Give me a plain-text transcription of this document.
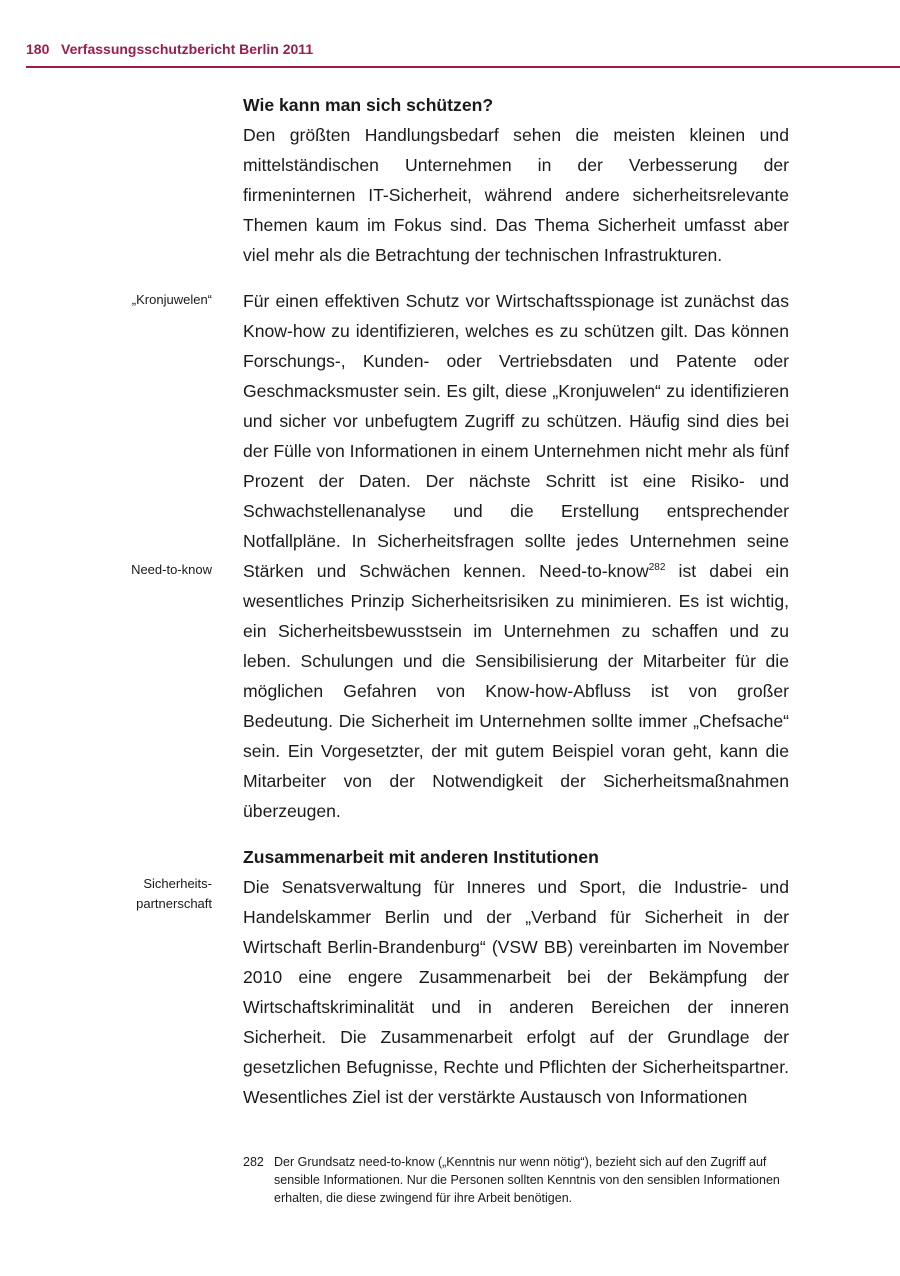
180 Verfassungsschutzbericht Berlin 2011
„Kronjuwelen“
Need-to-know
Sicherheits-
partnerschaft
Wie kann man sich schützen?

Den größten Handlungsbedarf sehen die meisten kleinen und mittelständischen Unternehmen in der Verbesserung der firmeninternen IT-Sicherheit, während andere sicherheitsrelevante Themen kaum im Fokus sind. Das Thema Sicherheit umfasst aber viel mehr als die Betrachtung der technischen Infrastrukturen.

Für einen effektiven Schutz vor Wirtschaftsspionage ist zunächst das Know-how zu identifizieren, welches es zu schützen gilt. Das können Forschungs-, Kunden- oder Vertriebsdaten und Patente oder Geschmacksmuster sein. Es gilt, diese „Kronjuwelen“ zu identifizieren und sicher vor unbefugtem Zugriff zu schützen. Häufig sind dies bei der Fülle von Informationen in einem Unternehmen nicht mehr als fünf Prozent der Daten. Der nächste Schritt ist eine Risiko- und Schwachstellenanalyse und die Erstellung entsprechender Notfallpläne. In Sicherheitsfragen sollte jedes Unternehmen seine Stärken und Schwächen kennen. Need-to-know$^{282}$ ist dabei ein wesentliches Prinzip Sicherheitsrisiken zu minimieren. Es ist wichtig, ein Sicherheitsbewusstsein im Unternehmen zu schaffen und zu leben. Schulungen und die Sensibilisierung der Mitarbeiter für die möglichen Gefahren von Know-how-Abfluss ist von großer Bedeutung. Die Sicherheit im Unternehmen sollte immer „Chefsache“ sein. Ein Vorgesetzter, der mit gutem Beispiel voran geht, kann die Mitarbeiter von der Notwendigkeit der Sicherheitsmaßnahmen überzeugen.

Zusammenarbeit mit anderen Institutionen

Die Senatsverwaltung für Inneres und Sport, die Industrie- und Handelskammer Berlin und der „Verband für Sicherheit in der Wirtschaft Berlin-Brandenburg“ (VSW BB) vereinbarten im November 2010 eine engere Zusammenarbeit bei der Bekämpfung der Wirtschaftskriminalität und in anderen Bereichen der inneren Sicherheit. Die Zusammenarbeit erfolgt auf der Grundlage der gesetzlichen Befugnisse, Rechte und Pflichten der Sicherheitspartner. Wesentliches Ziel ist der verstärkte Austausch von Informationen

282 Der Grundsatz need-to-know („Kenntnis nur wenn nötig“), bezieht sich auf den Zugriff auf sensible Informationen. Nur die Personen sollten Kenntnis von den sensiblen Informationen erhalten, die diese zwingend für ihre Arbeit benötigen.
